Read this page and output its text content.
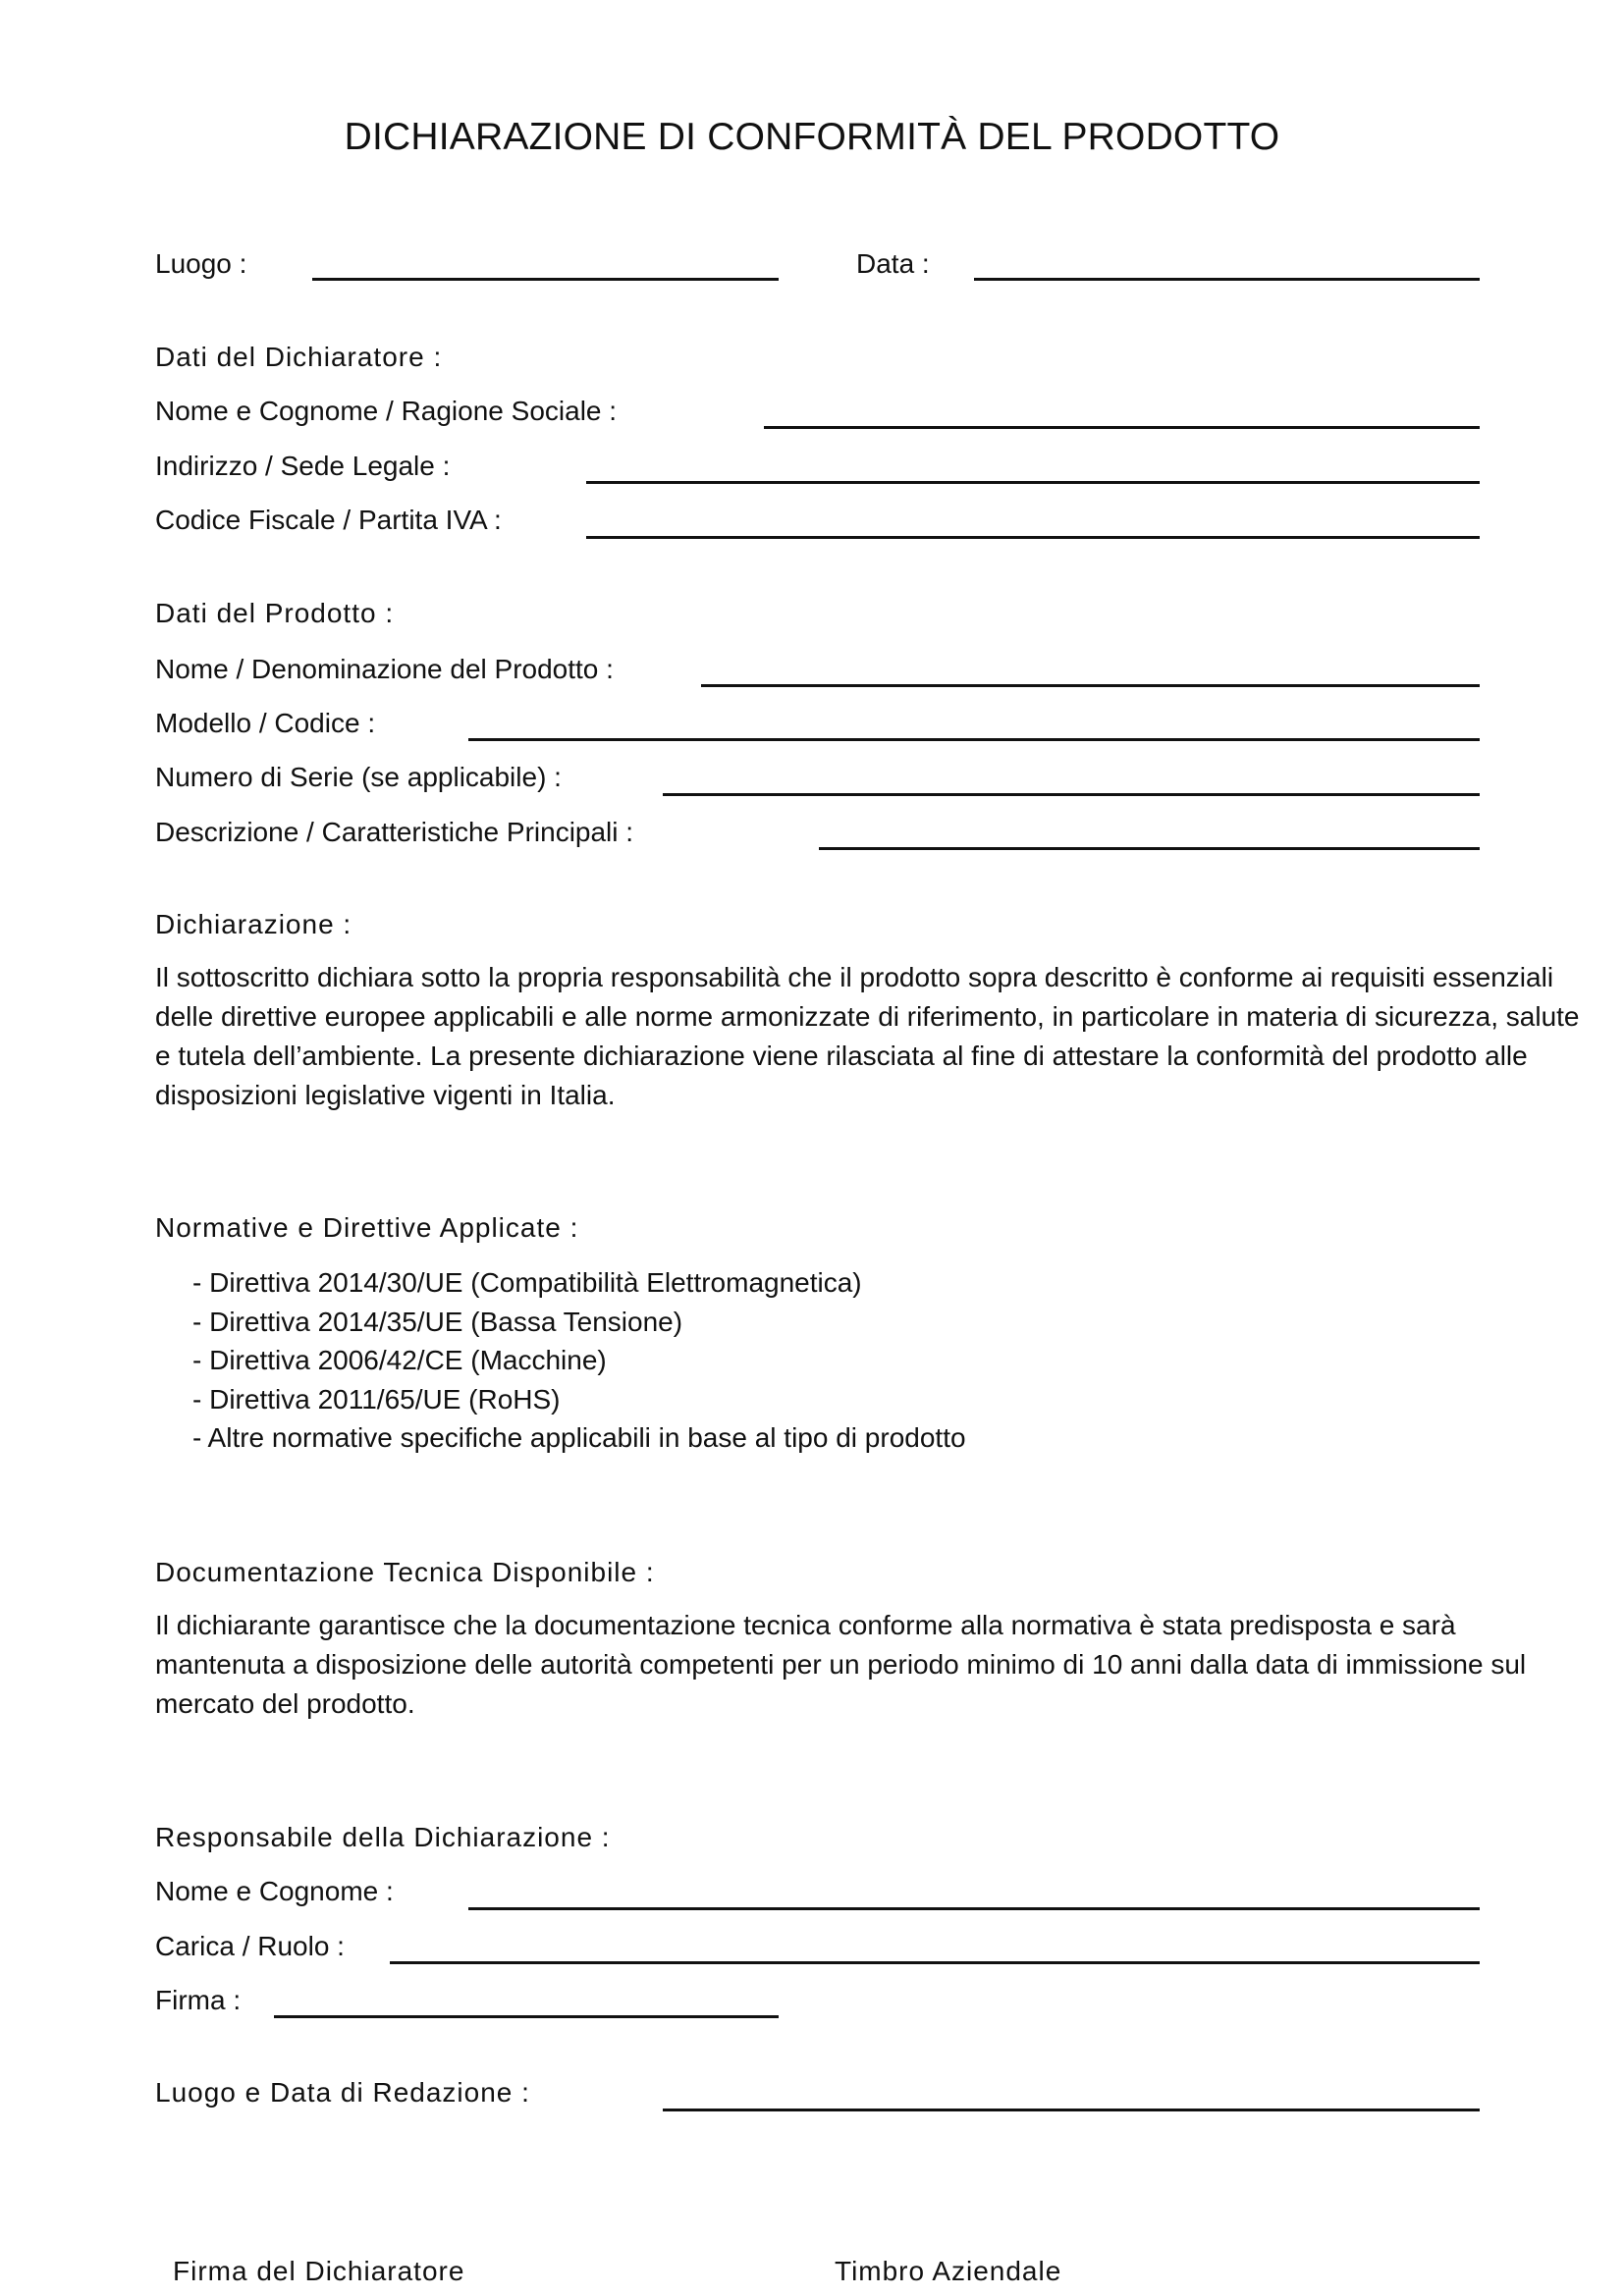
DICHIARAZIONE DI CONFORMITÀ DEL PRODOTTO
Luogo :	Data :
Dati del Dichiaratore :
Nome e Cognome / Ragione Sociale :
Indirizzo / Sede Legale :
Codice Fiscale / Partita IVA :
Dati del Prodotto :
Nome / Denominazione del Prodotto :
Modello / Codice :
Numero di Serie (se applicabile) :
Descrizione / Caratteristiche Principali :
Dichiarazione :
Il sottoscritto dichiara sotto la propria responsabilità che il prodotto sopra descritto è conforme ai requisiti essenziali delle direttive europee applicabili e alle norme armonizzate di riferimento, in particolare in materia di sicurezza, salute e tutela dell’ambiente. La presente dichiarazione viene rilasciata al fine di attestare la conformità del prodotto alle disposizioni legislative vigenti in Italia.
Normative e Direttive Applicate :
- Direttiva 2014/30/UE (Compatibilità Elettromagnetica)
- Direttiva 2014/35/UE (Bassa Tensione)
- Direttiva 2006/42/CE (Macchine)
- Direttiva 2011/65/UE (RoHS)
- Altre normative specifiche applicabili in base al tipo di prodotto
Documentazione Tecnica Disponibile :
Il dichiarante garantisce che la documentazione tecnica conforme alla normativa è stata predisposta e sarà mantenuta a disposizione delle autorità competenti per un periodo minimo di 10 anni dalla data di immissione sul mercato del prodotto.
Responsabile della Dichiarazione :
Nome e Cognome :
Carica / Ruolo :
Firma :
Luogo e Data di Redazione :
Firma del Dichiaratore	Timbro Aziendale
